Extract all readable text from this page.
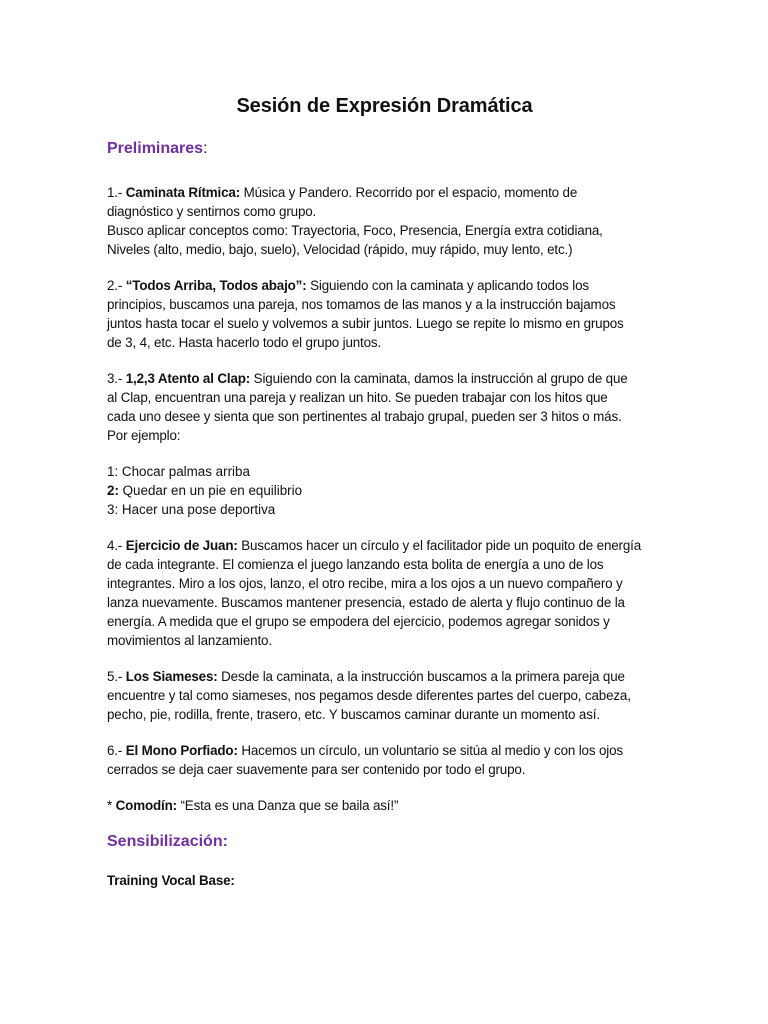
Sesión de Expresión Dramática

Preliminares:

1.- Caminata Rítmica: Música y Pandero. Recorrido por el espacio, momento de
diagnóstico y sentirnos como grupo.
Busco aplicar conceptos como: Trayectoria, Foco, Presencia, Energía extra cotidiana,
Niveles (alto, medio, bajo, suelo), Velocidad (rápido, muy rápido, muy lento, etc.)

2.- “Todos Arriba, Todos abajo”: Siguiendo con la caminata y aplicando todos los
principios, buscamos una pareja, nos tomamos de las manos y a la instrucción bajamos
juntos hasta tocar el suelo y volvemos a subir juntos. Luego se repite lo mismo en grupos
de 3, 4, etc. Hasta hacerlo todo el grupo juntos.

3.- 1,2,3 Atento al Clap: Siguiendo con la caminata, damos la instrucción al grupo de que
al Clap, encuentran una pareja y realizan un hito. Se pueden trabajar con los hitos que
cada uno desee y sienta que son pertinentes al trabajo grupal, pueden ser 3 hitos o más.
Por ejemplo:

1: Chocar palmas arriba

2: Quedar en un pie en equilibrio

3: Hacer una pose deportiva

4.- Ejercicio de Juan: Buscamos hacer un círculo y el facilitador pide un poquito de energía
de cada integrante. El comienza el juego lanzando esta bolita de energía a uno de los
integrantes. Miro a los ojos, lanzo, el otro recibe, mira a los ojos a un nuevo compañero y
lanza nuevamente. Buscamos mantener presencia, estado de alerta y flujo continuo de la
energía. A medida que el grupo se empodera del ejercicio, podemos agregar sonidos y
movimientos al lanzamiento.

5.- Los Siameses: Desde la caminata, a la instrucción buscamos a la primera pareja que
encuentre y tal como siameses, nos pegamos desde diferentes partes del cuerpo, cabeza,
pecho, pie, rodilla, frente, trasero, etc. Y buscamos caminar durante un momento así.

6.- El Mono Porfiado: Hacemos un círculo, un voluntario se sitúa al medio y con los ojos
cerrados se deja caer suavemente para ser contenido por todo el grupo.

* Comodín: “Esta es una Danza que se baila así!”

Sensibilización:

Training Vocal Base:
